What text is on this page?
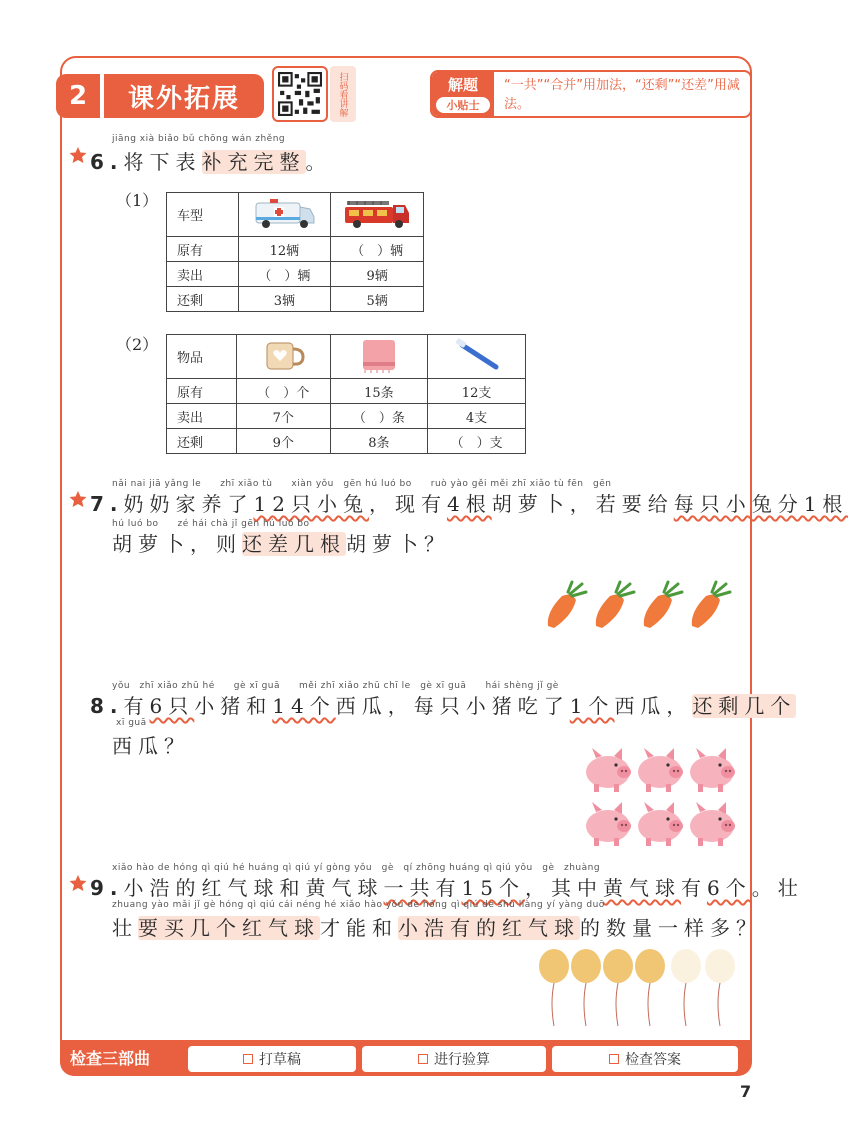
2	课外拓展	扫码看讲解	解题
小贴士
“一共”“合并”用加法，“还剩”“还差”用减法。
jiāng xià biǎo bǔ chōng wán zhěng
6.将下表补充完整。
（1）
车型		
原有	12辆	（　）辆
卖出	（　）辆	9辆
还剩	3辆	5辆
（2）
物品			
原有	（　）个	15条	12支
卖出	7个	（　）条	4支
还剩	9个	8条	（　）支
nǎi nai jiā yǎng le　　zhī xiǎo tù　　xiàn yǒu　gēn hú luó bo　　ruò yào gěi měi zhī xiǎo tù fēn　gēn
7.奶奶家养了12只小兔，现有4根胡萝卜，若要给每只小兔分1根
hú luó bo　　zé hái chà jǐ gēn hú luó bo
胡萝卜，则还差几根胡萝卜？
yǒu　zhī xiǎo zhū hé　　gè xī guā　　měi zhī xiǎo zhū chī le　gè xī guā　　hái shèng jǐ gè
8.有6只小猪和14个西瓜，每只小猪吃了1个西瓜，还剩几个
xī guā
西瓜？
xiǎo hào de hóng qì qiú hé huáng qì qiú yí gòng yǒu　gè　qí zhōng huáng qì qiú yǒu　gè　zhuàng
9.小浩的红气球和黄气球一共有15个，其中黄气球有6个。壮
zhuang yào mǎi jǐ gè hóng qì qiú cái néng hé xiǎo hào yǒu de hóng qì qiú de shù liàng yí yàng duō
壮要买几个红气球才能和小浩有的红气球的数量一样多？
检查三部曲	打草稿	进行验算	检查答案
7
